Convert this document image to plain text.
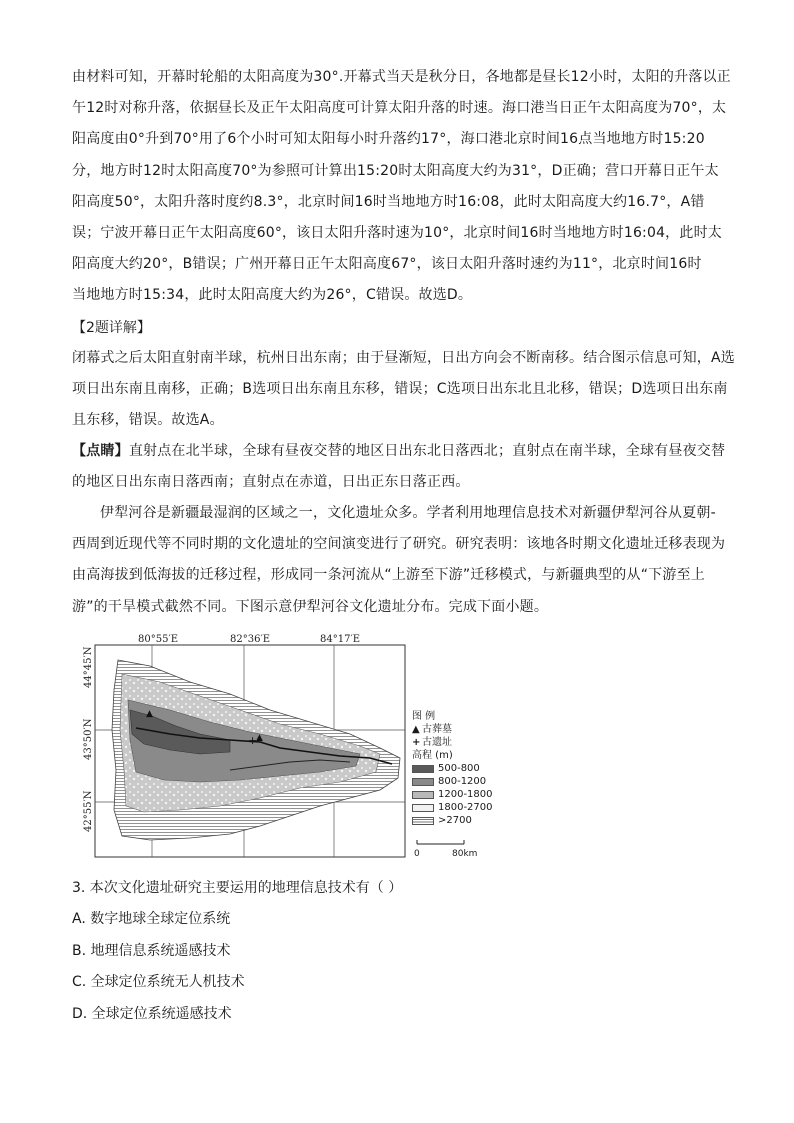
由材料可知，开幕时轮船的太阳高度为30°.开幕式当天是秋分日，各地都是昼长12小时，太阳的升落以正
午12时对称升落，依据昼长及正午太阳高度可计算太阳升落的时速。海口港当日正午太阳高度为70°，太
阳高度由0°升到70°用了6个小时可知太阳每小时升落约17°，海口港北京时间16点当地地方时15:20
分，地方时12时太阳高度70°为参照可计算出15:20时太阳高度大约为31°，D正确；营口开幕日正午太
阳高度50°，太阳升落时度约8.3°，北京时间16时当地地方时16:08，此时太阳高度大约16.7°，A错
误；宁波开幕日正午太阳高度60°，该日太阳升落时速为10°，北京时间16时当地地方时16:04，此时太
阳高度大约20°，B错误；广州开幕日正午太阳高度67°，该日太阳升落时速约为11°，北京时间16时
当地地方时15:34，此时太阳高度大约为26°，C错误。故选D。

【2题详解】

闭幕式之后太阳直射南半球，杭州日出东南；由于昼渐短，日出方向会不断南移。结合图示信息可知，A选
项日出东南且南移，正确；B选项日出东南且东移，错误；C选项日出东北且北移，错误；D选项日出东南
且东移，错误。故选A。
【点睛】直射点在北半球，全球有昼夜交替的地区日出东北日落西北；直射点在南半球，全球有昼夜交替
的地区日出东南日落西南；直射点在赤道，日出正东日落正西。
伊犁河谷是新疆最湿润的区域之一，文化遗址众多。学者利用地理信息技术对新疆伊犁河谷从夏朝-
西周到近现代等不同时期的文化遗址的空间演变进行了研究。研究表明：该地各时期文化遗址迁移表现为
由高海拔到低海拔的迁移过程，形成同一条河流从“上游至下游”迁移模式，与新疆典型的从“下游至上
游”的干旱模式截然不同。下图示意伊犁河谷文化遗址分布。完成下面小题。
▲
+
▲
80°55′E	82°36′E	84°17′E
44°45′N
43°50′N
42°55′N
0	80km
图 例
▲ 古葬墓
+ 古遗址
高程 (m)
500-800
800-1200
1200-1800
1800-2700
>2700

3. 本次文化遗址研究主要运用的地理信息技术有（ ）

A. 数字地球全球定位系统

B. 地理信息系统遥感技术

C. 全球定位系统无人机技术

D. 全球定位系统遥感技术
